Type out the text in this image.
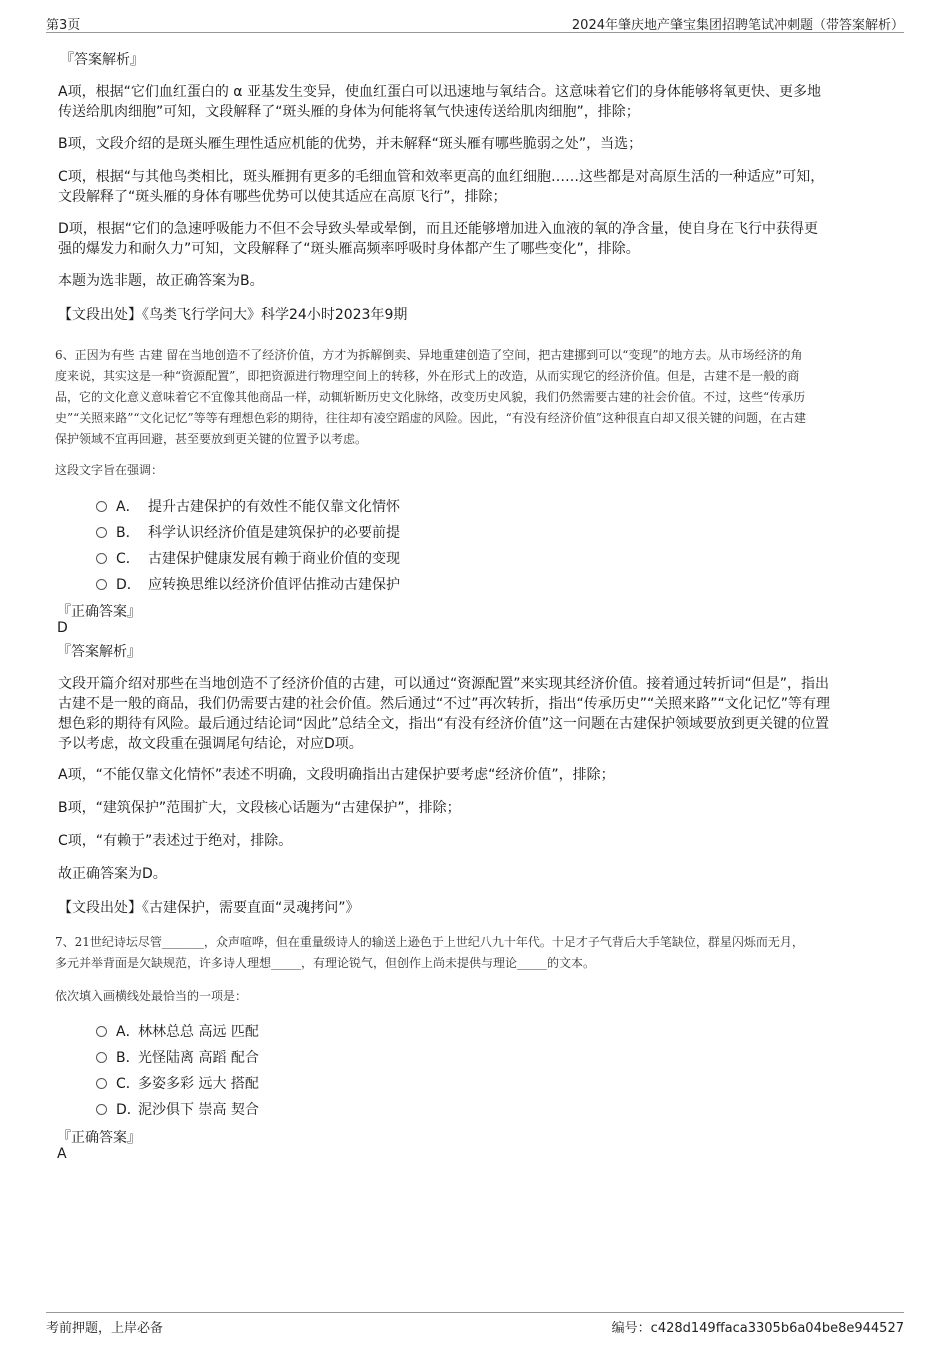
第3页	2024年肇庆地产肇宝集团招聘笔试冲刺题（带答案解析）
『答案解析』
A项，根据“它们血红蛋白的 α 亚基发生变异，使血红蛋白可以迅速地与氧结合。这意味着它们的身体能够将氧更快、更多地
传送给肌肉细胞”可知，文段解释了“斑头雁的身体为何能将氧气快速传送给肌肉细胞”，排除；
B项，文段介绍的是斑头雁生理性适应机能的优势，并未解释“斑头雁有哪些脆弱之处”，当选；
C项，根据“与其他鸟类相比，斑头雁拥有更多的毛细血管和效率更高的血红细胞……这些都是对高原生活的一种适应”可知，
文段解释了“斑头雁的身体有哪些优势可以使其适应在高原飞行”，排除；
D项，根据“它们的急速呼吸能力不但不会导致头晕或晕倒，而且还能够增加进入血液的氧的净含量，使自身在飞行中获得更
强的爆发力和耐久力”可知，文段解释了“斑头雁高频率呼吸时身体都产生了哪些变化”，排除。
本题为选非题，故正确答案为B。
【文段出处】《鸟类飞行学问大》科学24小时2023年9期
6、正因为有些 古建 留在当地创造不了经济价值，方才为拆解倒卖、异地重建创造了空间，把古建挪到可以“变现”的地方去。从市场经济的角
度来说，其实这是一种“资源配置”，即把资源进行物理空间上的转移，外在形式上的改造，从而实现它的经济价值。但是，古建不是一般的商
品，它的文化意义意味着它不宜像其他商品一样，动辄斩断历史文化脉络，改变历史风貌，我们仍然需要古建的社会价值。不过，这些“传承历
史”“关照来路”“文化记忆”等等有理想色彩的期待，往往却有凌空蹈虚的风险。因此，“有没有经济价值”这种很直白却又很关键的问题，在古建
保护领域不宜再回避，甚至要放到更关键的位置予以考虑。
这段文字旨在强调：
A． 提升古建保护的有效性不能仅靠文化情怀
B． 科学认识经济价值是建筑保护的必要前提
C． 古建保护健康发展有赖于商业价值的变现
D． 应转换思维以经济价值评估推动古建保护
『正确答案』
D
『答案解析』
文段开篇介绍对那些在当地创造不了经济价值的古建，可以通过“资源配置”来实现其经济价值。接着通过转折词“但是”，指出
古建不是一般的商品，我们仍需要古建的社会价值。然后通过“不过”再次转折，指出“传承历史”“关照来路”“文化记忆”等有理
想色彩的期待有风险。最后通过结论词“因此”总结全文，指出“有没有经济价值”这一问题在古建保护领域要放到更关键的位置
予以考虑，故文段重在强调尾句结论，对应D项。
A项，“不能仅靠文化情怀”表述不明确，文段明确指出古建保护要考虑“经济价值”，排除；
B项，“建筑保护”范围扩大，文段核心话题为“古建保护”，排除；
C项，“有赖于”表述过于绝对，排除。
故正确答案为D。
【文段出处】《古建保护，需要直面“灵魂拷问”》
7、21世纪诗坛尽管_______，众声喧哗，但在重量级诗人的输送上逊色于上世纪八九十年代。十足才子气背后大手笔缺位，群星闪烁而无月，
多元并举背面是欠缺规范，许多诗人理想_____，有理论锐气，但创作上尚未提供与理论_____的文本。
依次填入画横线处最恰当的一项是：
A．林林总总 高远 匹配
B．光怪陆离 高蹈 配合
C．多姿多彩 远大 搭配
D．泥沙俱下 崇高 契合
『正确答案』
A
考前押题，上岸必备	编号：c428d149ffaca3305b6a04be8e944527
